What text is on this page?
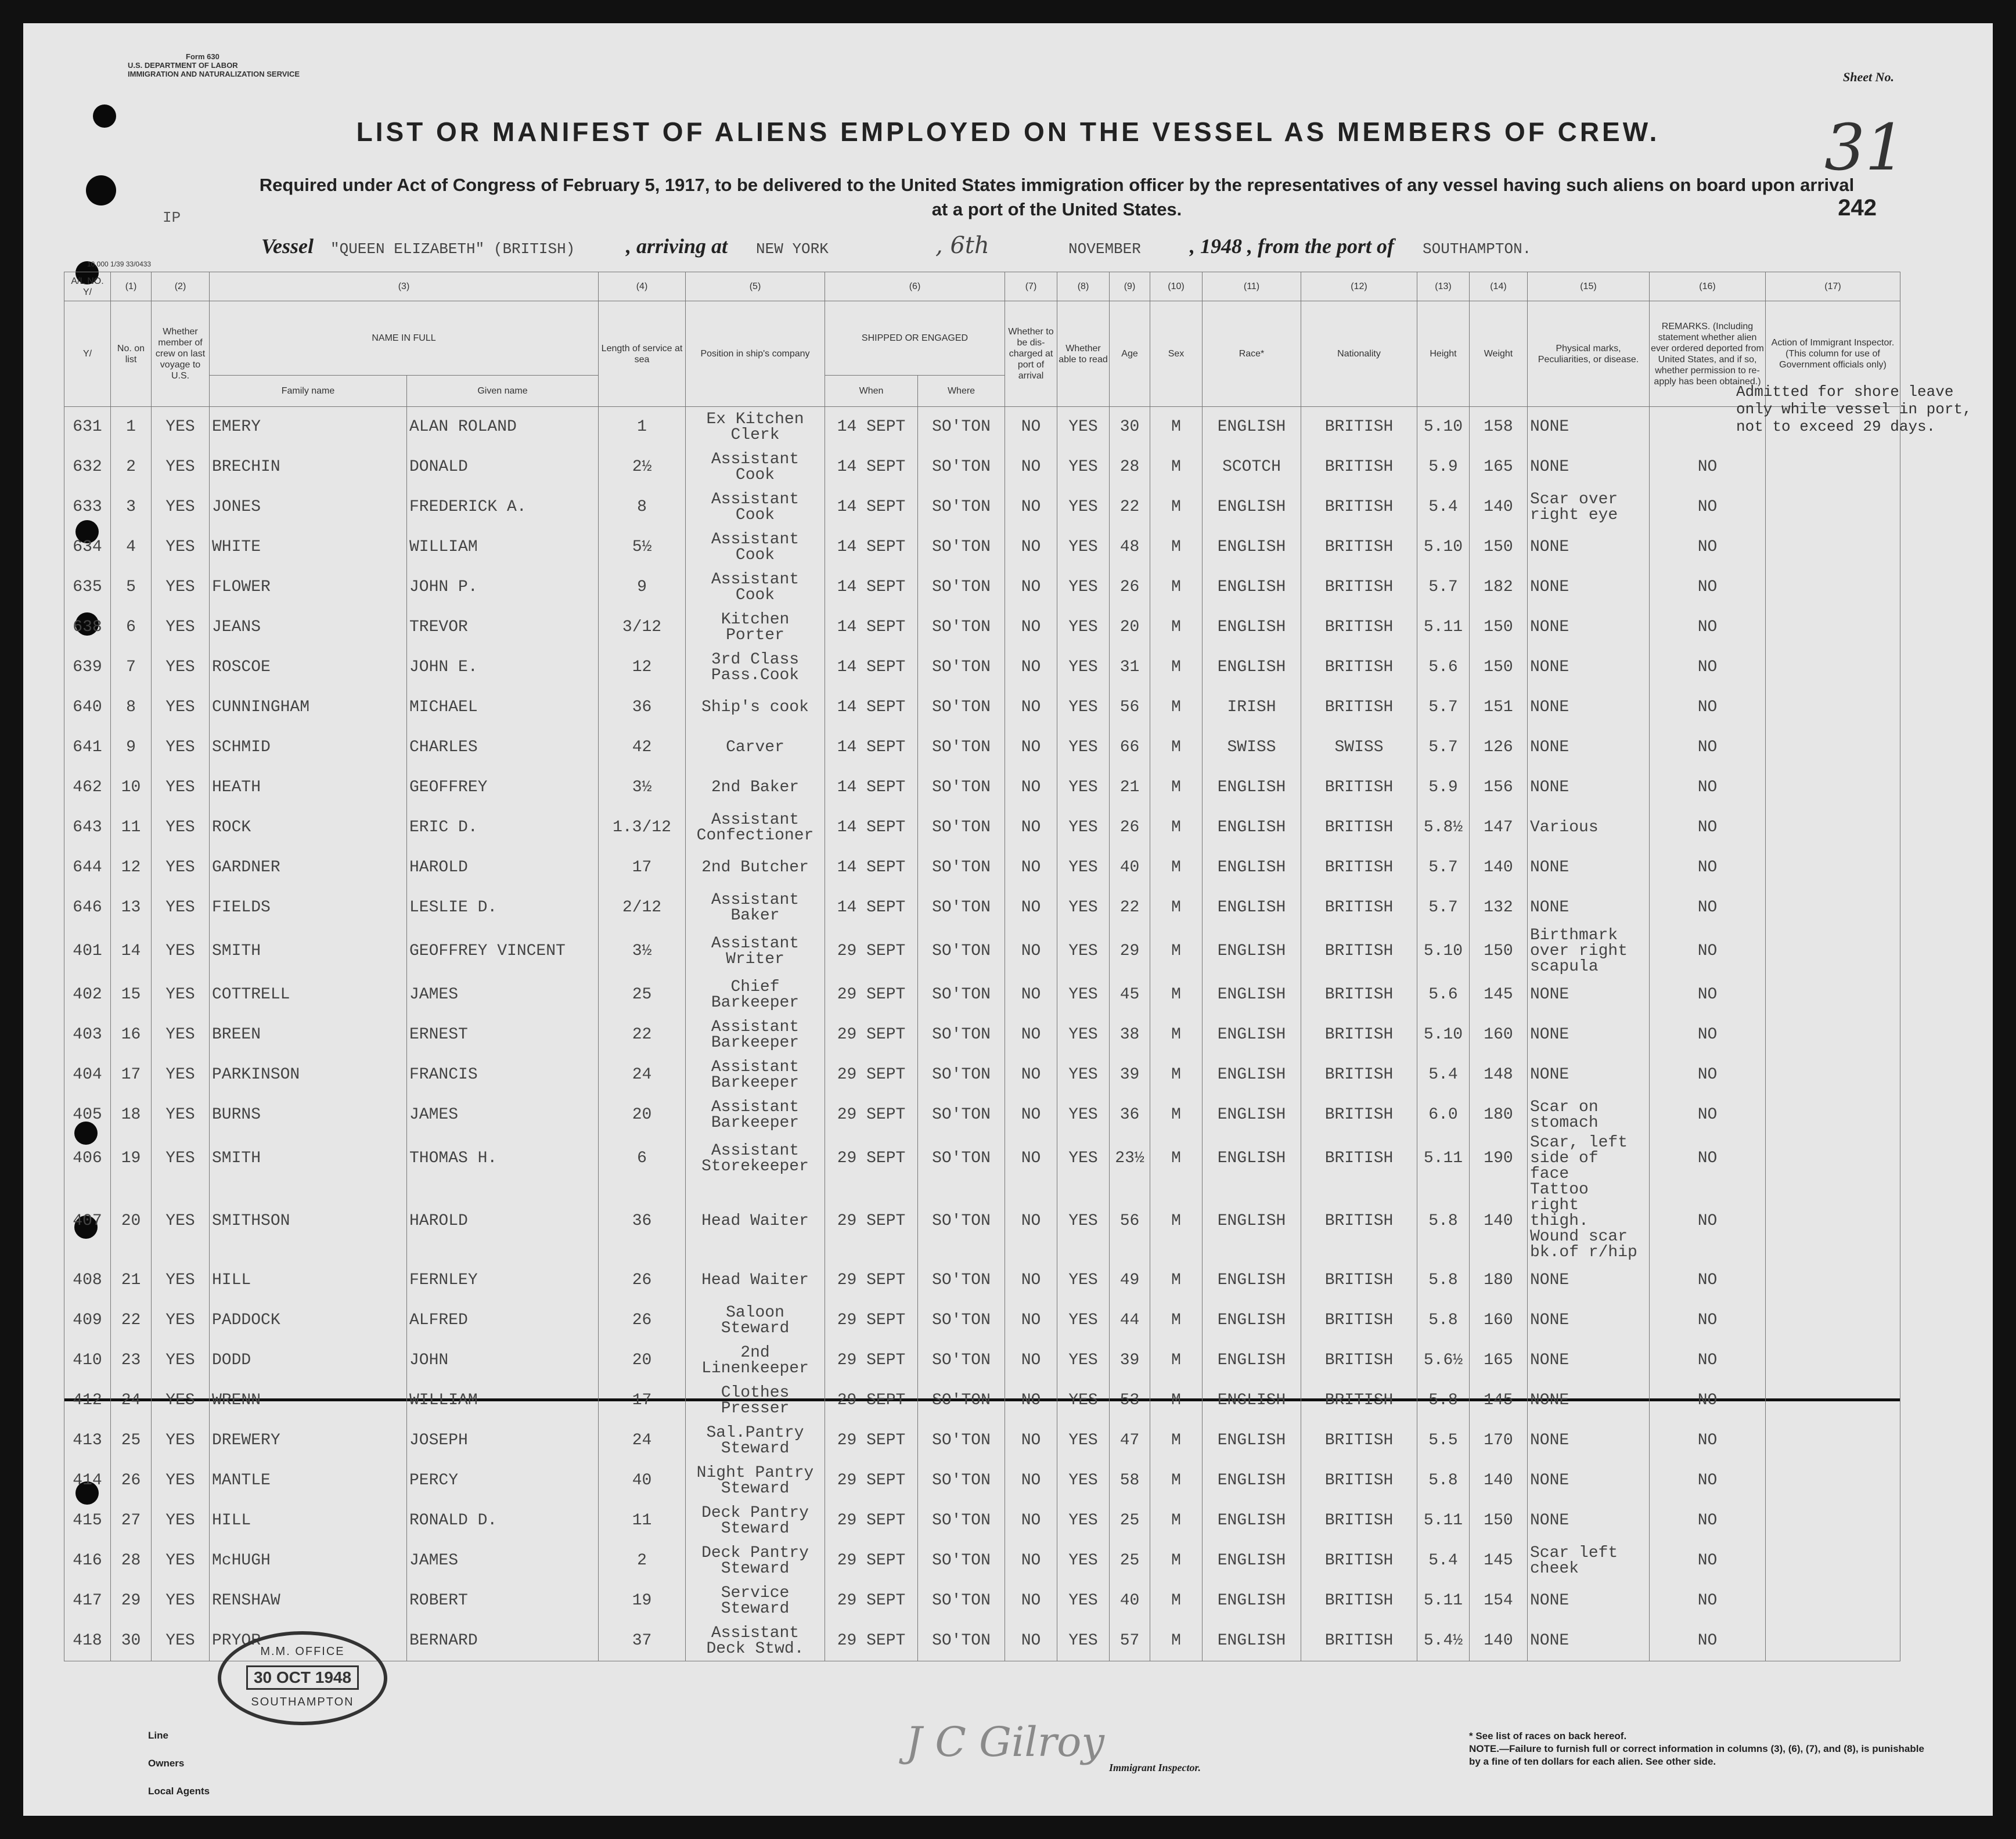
Form 630
U.S. DEPARTMENT OF LABOR
IMMIGRATION AND NATURALIZATION SERVICE	Sheet No.
31
LIST OR MANIFEST OF ALIENS EMPLOYED ON THE VESSEL AS MEMBERS OF CREW.
Required under Act of Congress of February 5, 1917, to be delivered to the United States immigration officer by the representatives of any vessel having such aliens on board upon arrival at a port of the United States.	242
IP
Vessel "QUEEN ELIZABETH" (BRITISH) , arriving at NEW YORK	, 6th	NOVEMBER , 1948 , from the port of SOUTHAMPTON.
10,000 1/39 33/0433
A/L NO. Y/	(1)	(2)	(3)		(4)	(5)	(6)		(7)	(8)	(9)	(10)	(11)	(12)	(13)	(14)	(15)	(16)	(17)
Y/	No. on list	Whether member of crew on last voyage to U.S.	NAME IN FULL		Length of service at sea	Position in ship's company	SHIPPED OR ENGAGED		Whether to be dis-charged at port of arrival	Whether able to read	Age	Sex	Race*	Nationality	Height	Weight	Physical marks, Peculiarities, or disease.	REMARKS. (Including statement whether alien ever ordered deported from United States, and if so, whether permission to re-apply has been obtained.)	Action of Immigrant Inspector. (This column for use of Government officials only)
			Family name	Given name			When	Where											
631	1	YES	EMERY	ALAN ROLAND	1	Ex Kitchen Clerk	14 SEPT	SO'TON	NO	YES	30	M	ENGLISH	BRITISH	5.10	158	NONE		
632	2	YES	BRECHIN	DONALD	2½	Assistant Cook	14 SEPT	SO'TON	NO	YES	28	M	SCOTCH	BRITISH	5.9	165	NONE	NO	
633	3	YES	JONES	FREDERICK A.	8	Assistant Cook	14 SEPT	SO'TON	NO	YES	22	M	ENGLISH	BRITISH	5.4	140	Scar over right eye	NO	
634	4	YES	WHITE	WILLIAM	5½	Assistant Cook	14 SEPT	SO'TON	NO	YES	48	M	ENGLISH	BRITISH	5.10	150	NONE	NO	
635	5	YES	FLOWER	JOHN P.	9	Assistant Cook	14 SEPT	SO'TON	NO	YES	26	M	ENGLISH	BRITISH	5.7	182	NONE	NO	
638	6	YES	JEANS	TREVOR	3/12	Kitchen Porter	14 SEPT	SO'TON	NO	YES	20	M	ENGLISH	BRITISH	5.11	150	NONE	NO	
639	7	YES	ROSCOE	JOHN E.	12	3rd Class Pass.Cook	14 SEPT	SO'TON	NO	YES	31	M	ENGLISH	BRITISH	5.6	150	NONE	NO	
640	8	YES	CUNNINGHAM	MICHAEL	36	Ship's cook	14 SEPT	SO'TON	NO	YES	56	M	IRISH	BRITISH	5.7	151	NONE	NO	
641	9	YES	SCHMID	CHARLES	42	Carver	14 SEPT	SO'TON	NO	YES	66	M	SWISS	SWISS	5.7	126	NONE	NO	
462	10	YES	HEATH	GEOFFREY	3½	2nd Baker	14 SEPT	SO'TON	NO	YES	21	M	ENGLISH	BRITISH	5.9	156	NONE	NO	
643	11	YES	ROCK	ERIC D.	1.3/12	Assistant Confectioner	14 SEPT	SO'TON	NO	YES	26	M	ENGLISH	BRITISH	5.8½	147	Various	NO	
644	12	YES	GARDNER	HAROLD	17	2nd Butcher	14 SEPT	SO'TON	NO	YES	40	M	ENGLISH	BRITISH	5.7	140	NONE	NO	
646	13	YES	FIELDS	LESLIE D.	2/12	Assistant Baker	14 SEPT	SO'TON	NO	YES	22	M	ENGLISH	BRITISH	5.7	132	NONE	NO	
401	14	YES	SMITH	GEOFFREY VINCENT	3½	Assistant Writer	29 SEPT	SO'TON	NO	YES	29	M	ENGLISH	BRITISH	5.10	150	Birthmark over right scapula	NO	
402	15	YES	COTTRELL	JAMES	25	Chief Barkeeper	29 SEPT	SO'TON	NO	YES	45	M	ENGLISH	BRITISH	5.6	145	NONE	NO	
403	16	YES	BREEN	ERNEST	22	Assistant Barkeeper	29 SEPT	SO'TON	NO	YES	38	M	ENGLISH	BRITISH	5.10	160	NONE	NO	
404	17	YES	PARKINSON	FRANCIS	24	Assistant Barkeeper	29 SEPT	SO'TON	NO	YES	39	M	ENGLISH	BRITISH	5.4	148	NONE	NO	
405	18	YES	BURNS	JAMES	20	Assistant Barkeeper	29 SEPT	SO'TON	NO	YES	36	M	ENGLISH	BRITISH	6.0	180	Scar on stomach	NO	
406	19	YES	SMITH	THOMAS H.	6	Assistant Storekeeper	29 SEPT	SO'TON	NO	YES	23½	M	ENGLISH	BRITISH	5.11	190	Scar, left side of face	NO	
407	20	YES	SMITHSON	HAROLD	36	Head Waiter	29 SEPT	SO'TON	NO	YES	56	M	ENGLISH	BRITISH	5.8	140	Tattoo right thigh. Wound scar bk.of r/hip	NO	
408	21	YES	HILL	FERNLEY	26	Head Waiter	29 SEPT	SO'TON	NO	YES	49	M	ENGLISH	BRITISH	5.8	180	NONE	NO	
409	22	YES	PADDOCK	ALFRED	26	Saloon Steward	29 SEPT	SO'TON	NO	YES	44	M	ENGLISH	BRITISH	5.8	160	NONE	NO	
410	23	YES	DODD	JOHN	20	2nd Linenkeeper	29 SEPT	SO'TON	NO	YES	39	M	ENGLISH	BRITISH	5.6½	165	NONE	NO	
412	24	YES	WRENN	WILLIAM	17	Clothes Presser	29 SEPT	SO'TON	NO	YES	53	M	ENGLISH	BRITISH	5.8	145	NONE	NO	
413	25	YES	DREWERY	JOSEPH	24	Sal.Pantry Steward	29 SEPT	SO'TON	NO	YES	47	M	ENGLISH	BRITISH	5.5	170	NONE	NO	
414	26	YES	MANTLE	PERCY	40	Night Pantry Steward	29 SEPT	SO'TON	NO	YES	58	M	ENGLISH	BRITISH	5.8	140	NONE	NO	
415	27	YES	HILL	RONALD D.	11	Deck Pantry Steward	29 SEPT	SO'TON	NO	YES	25	M	ENGLISH	BRITISH	5.11	150	NONE	NO	
416	28	YES	McHUGH	JAMES	2	Deck Pantry Steward	29 SEPT	SO'TON	NO	YES	25	M	ENGLISH	BRITISH	5.4	145	Scar left cheek	NO	
417	29	YES	RENSHAW	ROBERT	19	Service Steward	29 SEPT	SO'TON	NO	YES	40	M	ENGLISH	BRITISH	5.11	154	NONE	NO	
418	30	YES	PRYOR	BERNARD	37	Assistant Deck Stwd.	29 SEPT	SO'TON	NO	YES	57	M	ENGLISH	BRITISH	5.4½	140	NONE	NO	
Admitted for shore leave only while vessel in port, not to exceed 29 days.
M.M. OFFICE
30 OCT 1948
SOUTHAMPTON
Line
Owners
Local Agents
J C Gilroy
Immigrant Inspector.
* See list of races on back hereof.
NOTE.—Failure to furnish full or correct information in columns (3), (6), (7), and (8), is punishable by a fine of ten dollars for each alien. See other side.
